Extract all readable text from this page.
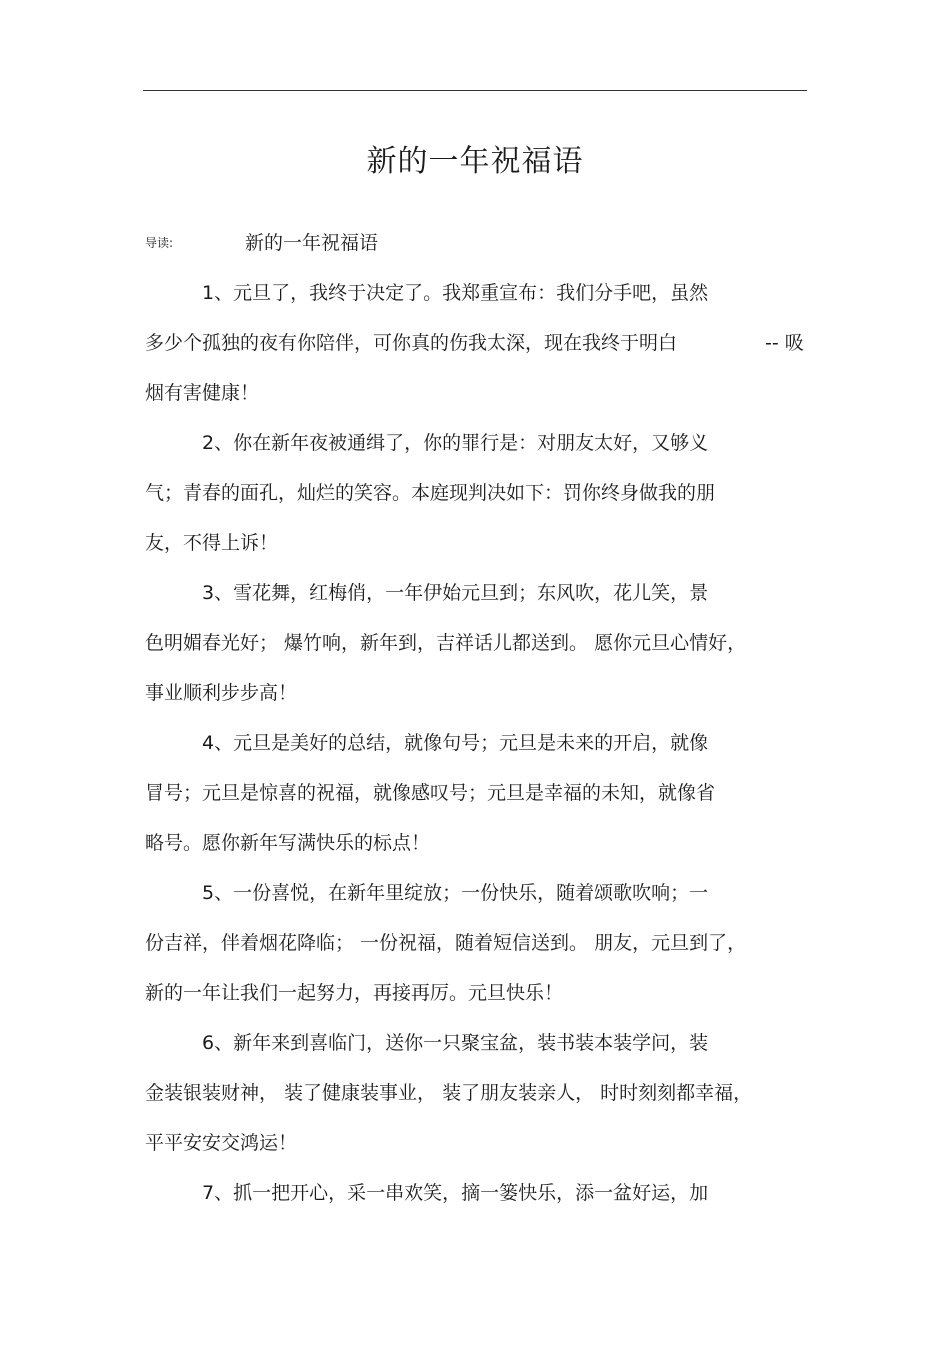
新的一年祝福语
导读:	新的一年祝福语
1、元旦了，我终于决定了。我郑重宣布：我们分手吧，虽然
多少个孤独的夜有你陪伴，可你真的伤我太深，现在我终于明白	-- 吸
烟有害健康！
2、你在新年夜被通缉了，你的罪行是：对朋友太好，又够义
气；青春的面孔，灿烂的笑容。本庭现判决如下：罚你终身做我的朋
友，不得上诉！
3、雪花舞，红梅俏，一年伊始元旦到；东风吹，花儿笑，景
色明媚春光好； 爆竹响，新年到，吉祥话儿都送到。 愿你元旦心情好，
事业顺利步步高！
4、元旦是美好的总结，就像句号；元旦是未来的开启，就像
冒号；元旦是惊喜的祝福，就像感叹号；元旦是幸福的未知，就像省
略号。愿你新年写满快乐的标点！
5、一份喜悦，在新年里绽放；一份快乐，随着颂歌吹响；一
份吉祥，伴着烟花降临； 一份祝福，随着短信送到。 朋友，元旦到了，
新的一年让我们一起努力，再接再厉。元旦快乐！
6、新年来到喜临门，送你一只聚宝盆，装书装本装学问，装
金装银装财神， 装了健康装事业， 装了朋友装亲人， 时时刻刻都幸福，
平平安安交鸿运！
7、抓一把开心，采一串欢笑，摘一篓快乐，添一盆好运，加
